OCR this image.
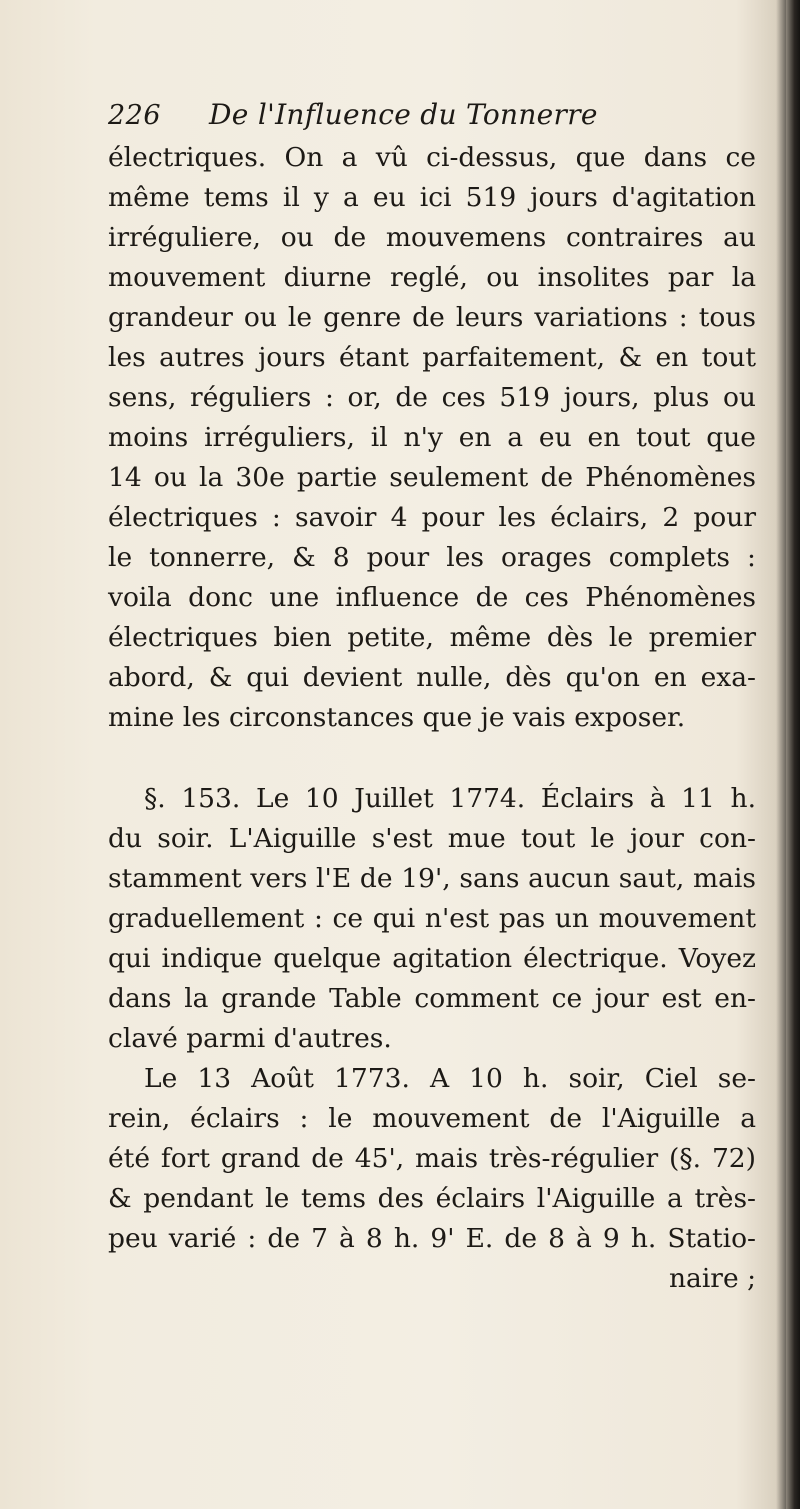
226 De l'Influence du Tonnerre
électriques. On a vû ci-dessus, que dans ce
même tems il y a eu ici 519 jours d'agitation
irréguliere, ou de mouvemens contraires au
mouvement diurne reglé, ou insolites par la
grandeur ou le genre de leurs variations : tous
les autres jours étant parfaitement, & en tout
sens, réguliers : or, de ces 519 jours, plus ou
moins irréguliers, il n'y en a eu en tout que
14 ou la 30e partie seulement de Phénomènes
électriques : savoir 4 pour les éclairs, 2 pour
le tonnerre, & 8 pour les orages complets :
voila donc une influence de ces Phénomènes
électriques bien petite, même dès le premier
abord, & qui devient nulle, dès qu'on en exa-
mine les circonstances que je vais exposer.
§. 153. Le 10 Juillet 1774. Éclairs à 11 h.
du soir. L'Aiguille s'est mue tout le jour con-
stamment vers l'E de 19', sans aucun saut, mais
graduellement : ce qui n'est pas un mouvement
qui indique quelque agitation électrique. Voyez
dans la grande Table comment ce jour est en-
clavé parmi d'autres.
Le 13 Août 1773. A 10 h. soir, Ciel se-
rein, éclairs : le mouvement de l'Aiguille a
été fort grand de 45', mais très-régulier (§. 72)
& pendant le tems des éclairs l'Aiguille a très-
peu varié : de 7 à 8 h. 9' E. de 8 à 9 h. Statio-
naire ;
